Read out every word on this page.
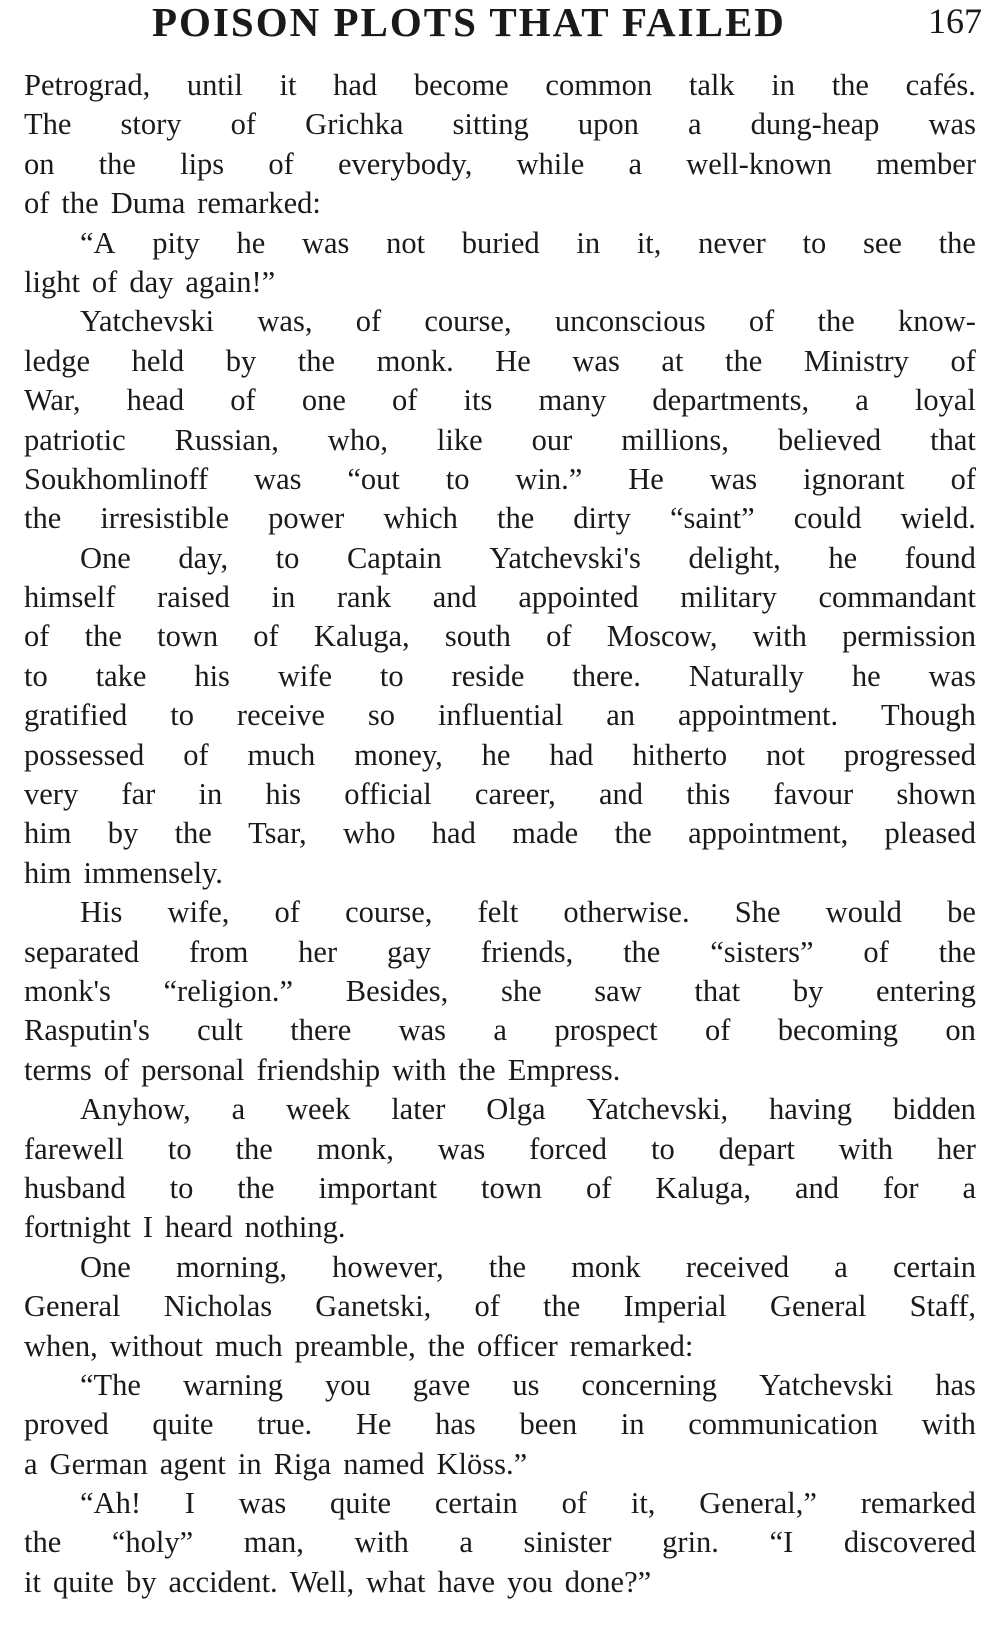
POISON PLOTS THAT FAILED	167
Petrograd, until it had become common talk in the cafés.
The story of Grichka sitting upon a dung-heap was
on the lips of everybody, while a well-known member
of the Duma remarked:
“A pity he was not buried in it, never to see the
light of day again!”
Yatchevski was, of course, unconscious of the know-
ledge held by the monk. He was at the Ministry of
War, head of one of its many departments, a loyal
patriotic Russian, who, like our millions, believed that
Soukhomlinoff was “out to win.” He was ignorant of
the irresistible power which the dirty “saint” could wield.
One day, to Captain Yatchevski's delight, he found
himself raised in rank and appointed military commandant
of the town of Kaluga, south of Moscow, with permission
to take his wife to reside there. Naturally he was
gratified to receive so influential an appointment. Though
possessed of much money, he had hitherto not progressed
very far in his official career, and this favour shown
him by the Tsar, who had made the appointment, pleased
him immensely.
His wife, of course, felt otherwise. She would be
separated from her gay friends, the “sisters” of the
monk's “religion.” Besides, she saw that by entering
Rasputin's cult there was a prospect of becoming on
terms of personal friendship with the Empress.
Anyhow, a week later Olga Yatchevski, having bidden
farewell to the monk, was forced to depart with her
husband to the important town of Kaluga, and for a
fortnight I heard nothing.
One morning, however, the monk received a certain
General Nicholas Ganetski, of the Imperial General Staff,
when, without much preamble, the officer remarked:
“The warning you gave us concerning Yatchevski has
proved quite true. He has been in communication with
a German agent in Riga named Klöss.”
“Ah! I was quite certain of it, General,” remarked
the “holy” man, with a sinister grin. “I discovered
it quite by accident. Well, what have you done?”
